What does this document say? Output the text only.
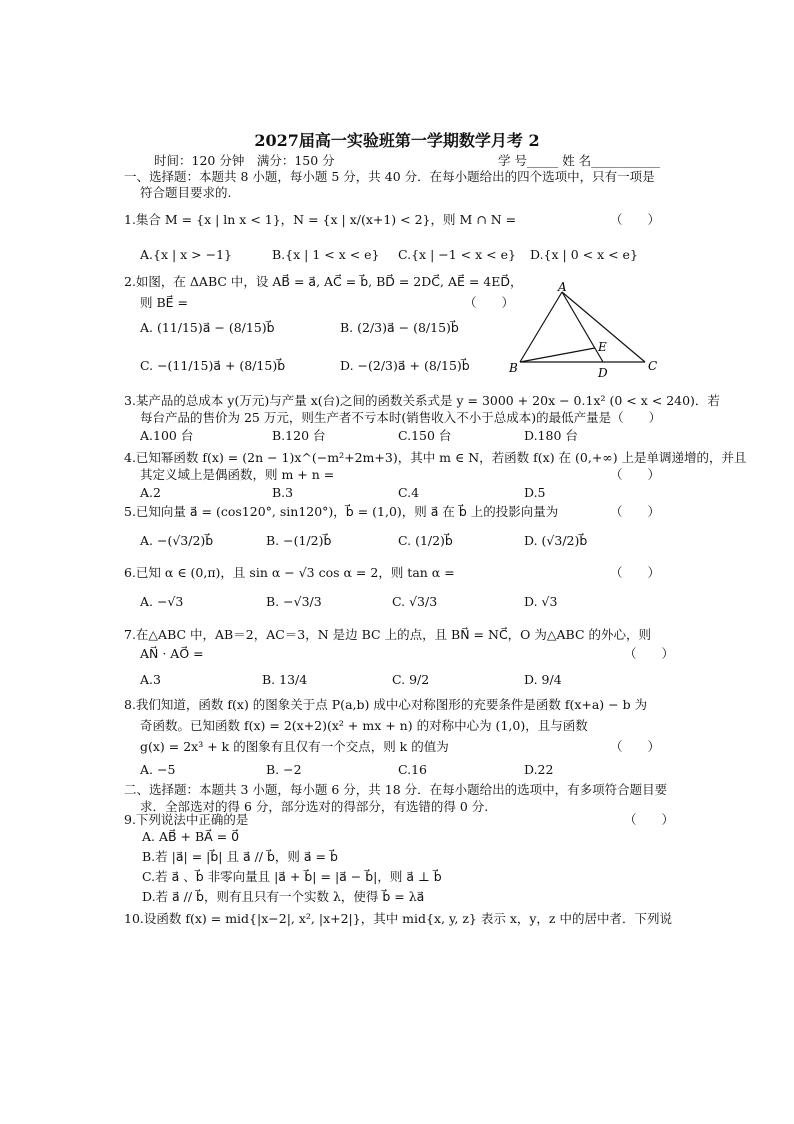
2027届高一实验班第一学期数学月考 2
时间：120 分钟　满分：150 分	学 号_____ 姓 名___________
一、选择题：本题共 8 小题，每小题 5 分，共 40 分．在每小题给出的四个选项中，只有一项是
符合题目要求的.
1.集合 M = {x | ln x < 1}，N = {x | x/(x+1) < 2}，则 M ∩ N =	（　　）
A.{x | x > −1}	B.{x | 1 < x < e} C.{x | −1 < x < e} D.{x | 0 < x < e}
2.如图，在 ΔABC 中，设 AB⃗ = a⃗, AC⃗ = b⃗, BD⃗ = 2DC⃗, AE⃗ = 4ED⃗，
则 BE⃗ =	（　　）
A. (11/15)a⃗ − (8/15)b⃗	B. (2/3)a⃗ − (8/15)b⃗
C. −(11/15)a⃗ + (8/15)b⃗	D. −(2/3)a⃗ + (8/15)b⃗
A
B	C
D
E
3.某产品的总成本 y(万元)与产量 x(台)之间的函数关系式是 y = 3000 + 20x − 0.1x² (0 < x < 240)．若
每台产品的售价为 25 万元，则生产者不亏本时(销售收入不小于总成本)的最低产量是（　　）
A.100 台	B.120 台	C.150 台	D.180 台
4.已知幂函数 f(x) = (2n − 1)x^(−m²+2m+3)，其中 m ∈ N，若函数 f(x) 在 (0,+∞) 上是单调递增的，并且
其定义域上是偶函数，则 m + n =	（　　）
A.2	B.3	C.4	D.5
5.已知向量 a⃗ = (cos120°, sin120°)，b⃗ = (1,0)，则 a⃗ 在 b⃗ 上的投影向量为	（　　）
A. −(√3/2)b⃗	B. −(1/2)b⃗	C. (1/2)b⃗	D. (√3/2)b⃗
6.已知 α ∈ (0,π)，且 sin α − √3 cos α = 2，则 tan α =	（　　）
A. −√3	B. −√3/3	C. √3/3	D. √3
7.在△ABC 中，AB＝2，AC＝3，N 是边 BC 上的点，且 BN⃗ = NC⃗，O 为△ABC 的外心，则
AN⃗ · AO⃗ =	（　　）
A.3	B. 13/4	C. 9/2	D. 9/4
8.我们知道，函数 f(x) 的图象关于点 P(a,b) 成中心对称图形的充要条件是函数 f(x+a) − b 为
奇函数。已知函数 f(x) = 2(x+2)(x² + mx + n) 的对称中心为 (1,0)，且与函数
g(x) = 2x³ + k 的图象有且仅有一个交点，则 k 的值为	（　　）
A. −5	B. −2	C.16	D.22
二、选择题：本题共 3 小题，每小题 6 分，共 18 分．在每小题给出的选项中，有多项符合题目要
求．全部选对的得 6 分，部分选对的得部分，有选错的得 0 分.
9.下列说法中正确的是	（　　）
A. AB⃗ + BA⃗ = 0⃗
B.若 |a⃗| = |b⃗| 且 a⃗ // b⃗，则 a⃗ = b⃗
C.若 a⃗ 、b⃗ 非零向量且 |a⃗ + b⃗| = |a⃗ − b⃗|，则 a⃗ ⊥ b⃗
D.若 a⃗ // b⃗，则有且只有一个实数 λ，使得 b⃗ = λa⃗
10.设函数 f(x) = mid{|x−2|, x², |x+2|}，其中 mid{x, y, z} 表示 x，y，z 中的居中者．下列说
